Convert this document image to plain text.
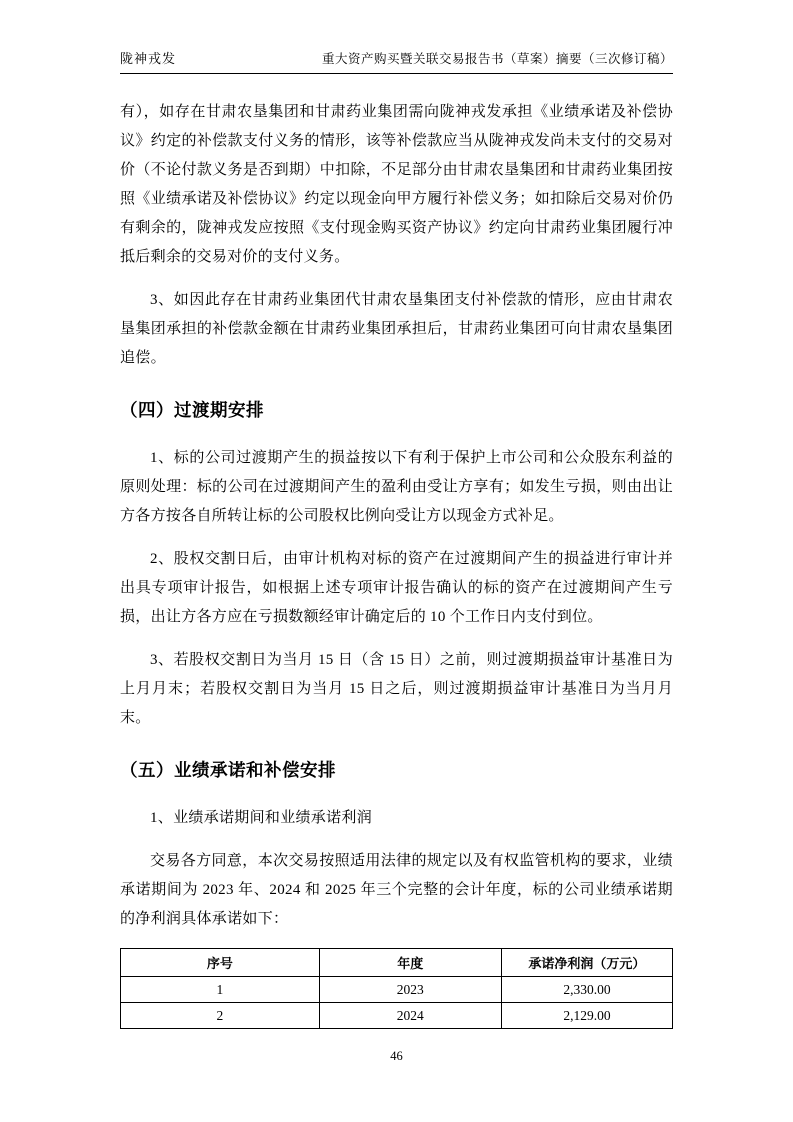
陇神戎发	重大资产购买暨关联交易报告书（草案）摘要（三次修订稿）

有），如存在甘肃农垦集团和甘肃药业集团需向陇神戎发承担《业绩承诺及补偿协议》约定的补偿款支付义务的情形，该等补偿款应当从陇神戎发尚未支付的交易对价（不论付款义务是否到期）中扣除，不足部分由甘肃农垦集团和甘肃药业集团按照《业绩承诺及补偿协议》约定以现金向甲方履行补偿义务；如扣除后交易对价仍有剩余的，陇神戎发应按照《支付现金购买资产协议》约定向甘肃药业集团履行冲抵后剩余的交易对价的支付义务。

3、如因此存在甘肃药业集团代甘肃农垦集团支付补偿款的情形，应由甘肃农垦集团承担的补偿款金额在甘肃药业集团承担后，甘肃药业集团可向甘肃农垦集团追偿。

（四）过渡期安排

1、标的公司过渡期产生的损益按以下有利于保护上市公司和公众股东利益的原则处理：标的公司在过渡期间产生的盈利由受让方享有；如发生亏损，则由出让方各方按各自所转让标的公司股权比例向受让方以现金方式补足。

2、股权交割日后，由审计机构对标的资产在过渡期间产生的损益进行审计并出具专项审计报告，如根据上述专项审计报告确认的标的资产在过渡期间产生亏损，出让方各方应在亏损数额经审计确定后的 10 个工作日内支付到位。

3、若股权交割日为当月 15 日（含 15 日）之前，则过渡期损益审计基准日为上月月末；若股权交割日为当月 15 日之后，则过渡期损益审计基准日为当月月末。

（五）业绩承诺和补偿安排

1、业绩承诺期间和业绩承诺利润

交易各方同意，本次交易按照适用法律的规定以及有权监管机构的要求，业绩承诺期间为 2023 年、2024 和 2025 年三个完整的会计年度，标的公司业绩承诺期的净利润具体承诺如下：

序号	年度	承诺净利润（万元）
1	2023	2,330.00
2	2024	2,129.00
46
